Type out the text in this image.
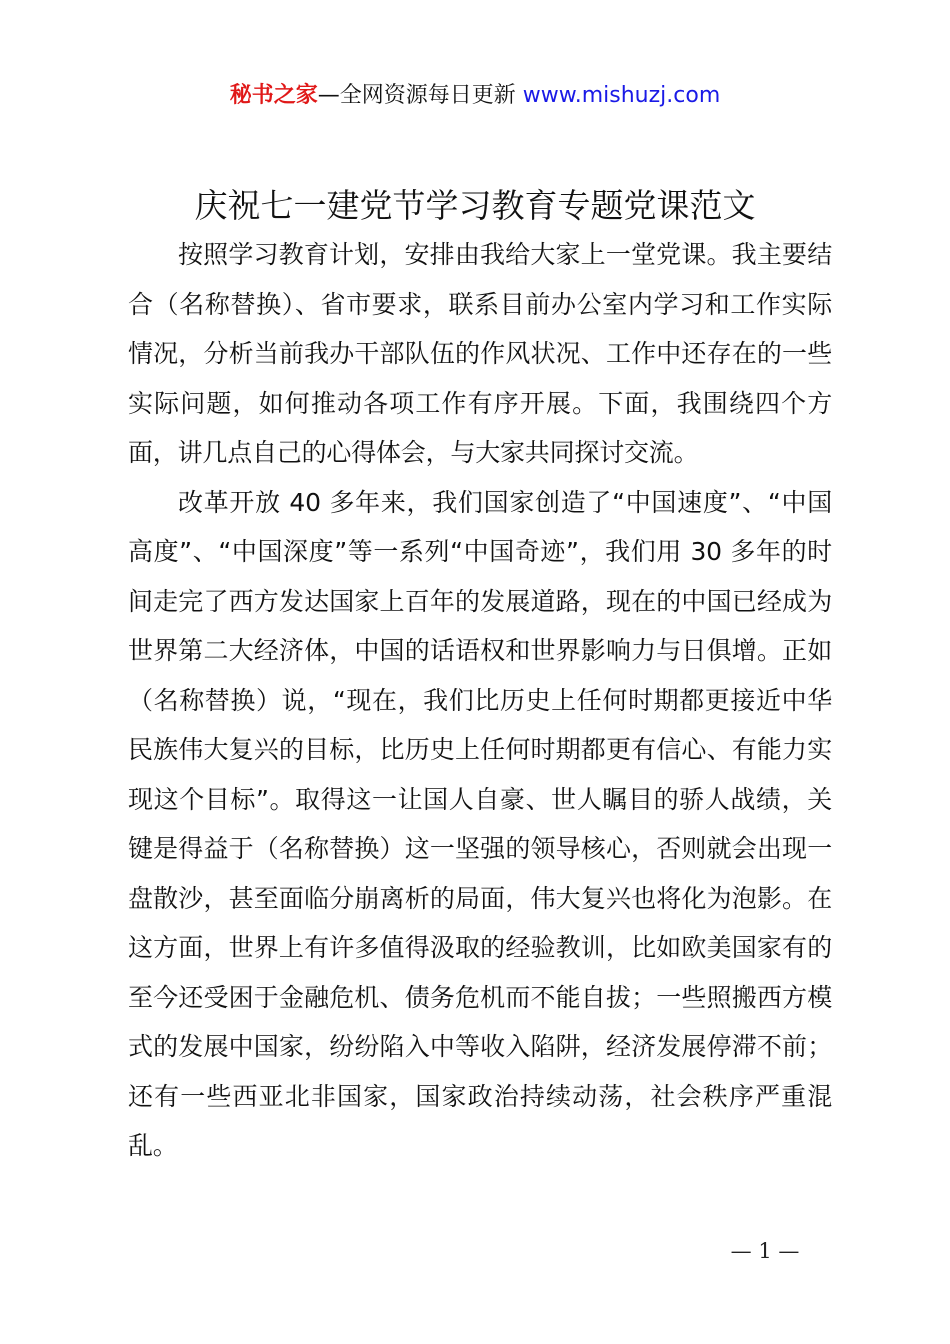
秘书之家—全网资源每日更新 www.mishuzj.com
庆祝七一建党节学习教育专题党课范文

按照学习教育计划，安排由我给大家上一堂党课。我主要结合（名称替换）、省市要求，联系目前办公室内学习和工作实际情况，分析当前我办干部队伍的作风状况、工作中还存在的一些实际问题，如何推动各项工作有序开展。下面，我围绕四个方面，讲几点自己的心得体会，与大家共同探讨交流。

改革开放 40 多年来，我们国家创造了“中国速度”、“中国高度”、“中国深度”等一系列“中国奇迹”，我们用 30 多年的时间走完了西方发达国家上百年的发展道路，现在的中国已经成为世界第二大经济体，中国的话语权和世界影响力与日俱增。正如（名称替换）说，“现在，我们比历史上任何时期都更接近中华民族伟大复兴的目标，比历史上任何时期都更有信心、有能力实现这个目标”。取得这一让国人自豪、世人瞩目的骄人战绩，关键是得益于（名称替换）这一坚强的领导核心，否则就会出现一盘散沙，甚至面临分崩离析的局面，伟大复兴也将化为泡影。在这方面，世界上有许多值得汲取的经验教训，比如欧美国家有的至今还受困于金融危机、债务危机而不能自拔；一些照搬西方模式的发展中国家，纷纷陷入中等收入陷阱，经济发展停滞不前；还有一些西亚北非国家，国家政治持续动荡，社会秩序严重混乱。

— 1 —
